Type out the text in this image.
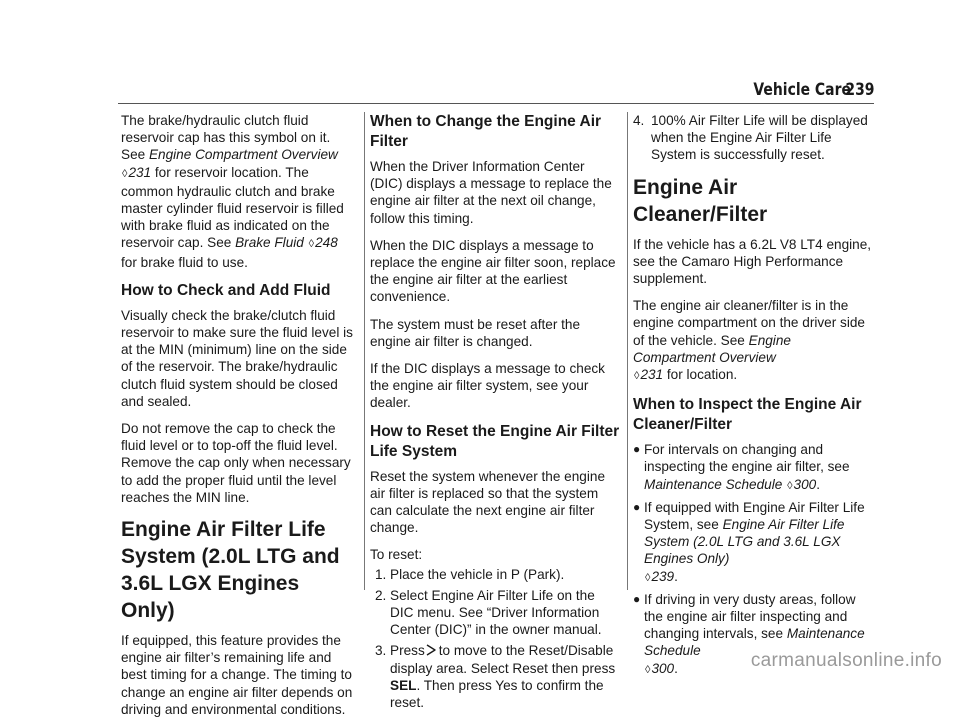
Vehicle Care
239

The brake/hydraulic clutch fluid reservoir cap has this symbol on it. See Engine Compartment Overview ◊231 for reservoir location. The common hydraulic clutch and brake master cylinder fluid reservoir is filled with brake fluid as indicated on the reservoir cap. See Brake Fluid ◊248 for brake fluid to use.

How to Check and Add Fluid

Visually check the brake/clutch fluid reservoir to make sure the fluid level is at the MIN (minimum) line on the side of the reservoir. The brake/hydraulic clutch fluid system should be closed and sealed.

Do not remove the cap to check the fluid level or to top-off the fluid level. Remove the cap only when necessary to add the proper fluid until the level reaches the MIN line.

Engine Air Filter Life System (2.0L LTG and 3.6L LGX Engines Only)

If equipped, this feature provides the engine air filter’s remaining life and best timing for a change. The timing to change an engine air filter depends on driving and environmental conditions.

When to Change the Engine Air Filter

When the Driver Information Center (DIC) displays a message to replace the engine air filter at the next oil change, follow this timing.

When the DIC displays a message to replace the engine air filter soon, replace the engine air filter at the earliest convenience.

The system must be reset after the engine air filter is changed.

If the DIC displays a message to check the engine air filter system, see your dealer.

How to Reset the Engine Air Filter Life System

Reset the system whenever the engine air filter is replaced so that the system can calculate the next engine air filter change.

To reset:

1. Place the vehicle in P (Park).
2. Select Engine Air Filter Life on the DIC menu. See “Driver Information Center (DIC)” in the owner manual.
3. Press to move to the Reset/Disable display area. Select Reset then press SEL. Then press Yes to confirm the reset.
4. 100% Air Filter Life will be displayed when the Engine Air Filter Life System is successfully reset.
Engine Air Cleaner/Filter

If the vehicle has a 6.2L V8 LT4 engine, see the Camaro High Performance supplement.

The engine air cleaner/filter is in the engine compartment on the driver side of the vehicle. See Engine Compartment Overview
◊231 for location.

When to Inspect the Engine Air Cleaner/Filter
● For intervals on changing and inspecting the engine air filter, see Maintenance Schedule ◊300.
● If equipped with Engine Air Filter Life System, see Engine Air Filter Life System (2.0L LTG and 3.6L LGX Engines Only)
◊239.
● If driving in very dusty areas, follow the engine air filter inspecting and changing intervals, see Maintenance Schedule
◊300.	carmanualsonline.info
